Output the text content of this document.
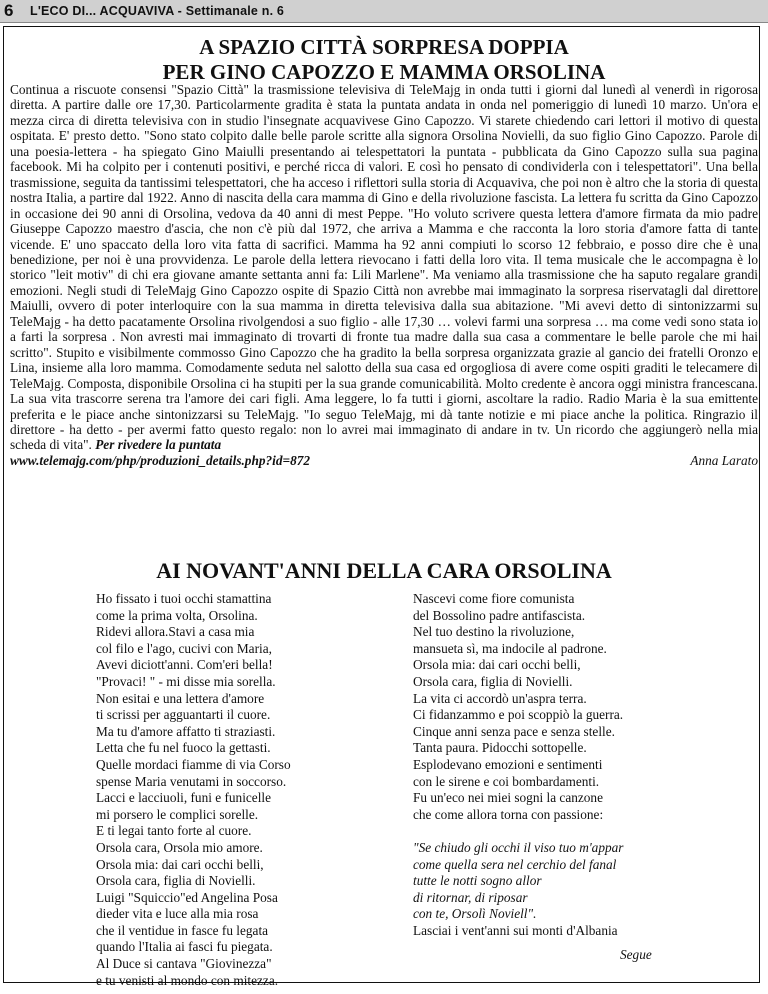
6 L'ECO DI... ACQUAVIVA - Settimanale n. 6
A SPAZIO CITTÀ SORPRESA DOPPIA
PER GINO CAPOZZO E MAMMA ORSOLINA
Continua a riscuote consensi "Spazio Città" la trasmissione televisiva di TeleMajg in onda tutti i giorni dal lunedì al venerdì in rigorosa diretta. A partire dalle ore 17,30. Particolarmente gradita è stata la puntata andata in onda nel pomeriggio di lunedì 10 marzo. Un'ora e mezza circa di diretta televisiva con in studio l'insegnate acquavivese Gino Capozzo. Vi starete chiedendo cari lettori il motivo di questa ospitata. E' presto detto. "Sono stato colpito dalle belle parole scritte alla signora Orsolina Novielli, da suo figlio Gino Capozzo. Parole di una poesia-lettera - ha spiegato Gino Maiulli presentando ai telespettatori la puntata - pubblicata da Gino Capozzo sulla sua pagina facebook. Mi ha colpito per i contenuti positivi, e perché ricca di valori. E così ho pensato di condividerla con i telespettatori". Una bella trasmissione, seguita da tantissimi telespettatori, che ha acceso i riflettori sulla storia di Acquaviva, che poi non è altro che la storia di questa nostra Italia, a partire dal 1922. Anno di nascita della cara mamma di Gino e della rivoluzione fascista. La lettera fu scritta da Gino Capozzo in occasione dei 90 anni di Orsolina, vedova da 40 anni di mest Peppe. "Ho voluto scrivere questa lettera d'amore firmata da mio padre Giuseppe Capozzo maestro d'ascia, che non c'è più dal 1972, che arriva a Mamma e che racconta la loro storia d'amore fatta di tante vicende. E' uno spaccato della loro vita fatta di sacrifici. Mamma ha 92 anni compiuti lo scorso 12 febbraio, e posso dire che è una benedizione, per noi è una provvidenza. Le parole della lettera rievocano i fatti della loro vita. Il tema musicale che le accompagna è lo storico "leit motiv" di chi era giovane amante settanta anni fa: Lili Marlene". Ma veniamo alla trasmissione che ha saputo regalare grandi emozioni. Negli studi di TeleMajg Gino Capozzo ospite di Spazio Città non avrebbe mai immaginato la sorpresa riservatagli dal direttore Maiulli, ovvero di poter interloquire con la sua mamma in diretta televisiva dalla sua abitazione. "Mi avevi detto di sintonizzarmi su TeleMajg - ha detto pacatamente Orsolina rivolgendosi a suo figlio - alle 17,30 … volevi farmi una sorpresa … ma come vedi sono stata io a farti la sorpresa . Non avresti mai immaginato di trovarti di fronte tua madre dalla sua casa a commentare le belle parole che mi hai scritto". Stupito e visibilmente commosso Gino Capozzo che ha gradito la bella sorpresa organizzata grazie al gancio dei fratelli Oronzo e Lina, insieme alla loro mamma. Comodamente seduta nel salotto della sua casa ed orgogliosa di avere come ospiti graditi le telecamere di TeleMajg. Composta, disponibile Orsolina ci ha stupiti per la sua grande comunicabilità. Molto credente è ancora oggi ministra francescana. La sua vita trascorre serena tra l'amore dei cari figli. Ama leggere, lo fa tutti i giorni, ascoltare la radio. Radio Maria è la sua emittente preferita e le piace anche sintonizzarsi su TeleMajg. "Io seguo TeleMajg, mi dà tante notizie e mi piace anche la politica. Ringrazio il direttore - ha detto - per avermi fatto questo regalo: non lo avrei mai immaginato di andare in tv. Un ricordo che aggiungerò nella mia scheda di vita". Per rivedere la puntata
www.telemajg.com/php/produzioni_details.php?id=872	Anna Larato
AI NOVANT'ANNI DELLA CARA ORSOLINA
Ho fissato i tuoi occhi stamattina
come la prima volta, Orsolina.
Ridevi allora.Stavi a casa mia
col filo e l'ago, cucivi con Maria,
Avevi diciott'anni. Com'eri bella!
"Provaci! " - mi disse mia sorella.
Non esitai e una lettera d'amore
ti scrissi per agguantarti il cuore.
Ma tu d'amore affatto ti straziasti.
Letta che fu nel fuoco la gettasti.
Quelle mordaci fiamme di via Corso
spense Maria venutami in soccorso.
Lacci e lacciuoli, funi e funicelle
mi porsero le complici sorelle.
E ti legai tanto forte al cuore.
Orsola cara, Orsola mio amore.
Orsola mia: dai cari occhi belli,
Orsola cara, figlia di Novielli.
Luigi "Squiccio"ed Angelina Posa
dieder vita e luce alla mia rosa
che il ventidue in fasce fu legata
quando l'Italia ai fasci fu piegata.
Al Duce si cantava "Giovinezza"
e tu venisti al mondo con mitezza.
Nascevi come fiore comunista
del Bossolino padre antifascista.
Nel tuo destino la rivoluzione,
mansueta sì, ma indocile al padrone.
Orsola mia: dai cari occhi belli,
Orsola cara, figlia di Novielli.
La vita ci accordò un'aspra terra.
Ci fidanzammo e poi scoppiò la guerra.
Cinque anni senza pace e senza stelle.
Tanta paura. Pidocchi sottopelle.
Esplodevano emozioni e sentimenti
con le sirene e coi bombardamenti.
Fu un'eco nei miei sogni la canzone
che come allora torna con passione:
"Se chiudo gli occhi il viso tuo m'appar
come quella sera nel cerchio del fanal
tutte le notti sogno allor
di ritornar, di riposar
con te, Orsolì Noviell".
Lasciai i vent'anni sui monti d'Albania
Segue
